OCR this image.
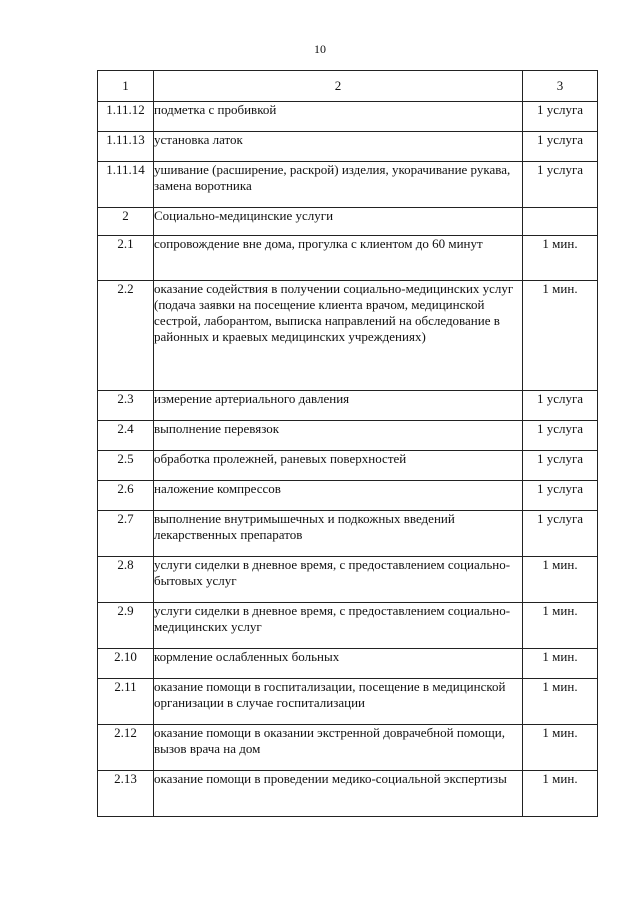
10
1	2	3
1.11.12	подметка с пробивкой	1 услуга
1.11.13	установка латок	1 услуга
1.11.14	ушивание (расширение, раскрой) изделия, укорачивание рукава, замена воротника	1 услуга
2	Социально-медицинские услуги	
2.1	сопровождение вне дома, прогулка с клиентом до 60 минут	1 мин.
2.2	оказание содействия в получении социально-медицинских услуг (подача заявки на посещение клиента врачом, медицинской сестрой, лаборантом, выписка направлений на обследование в районных и краевых медицинских учреждениях)	1 мин.
2.3	измерение артериального давления	1 услуга
2.4	выполнение перевязок	1 услуга
2.5	обработка пролежней, раневых поверхностей	1 услуга
2.6	наложение компрессов	1 услуга
2.7	выполнение внутримышечных и подкожных введений лекарственных препаратов	1 услуга
2.8	услуги сиделки в дневное время, с предоставлением социально-бытовых услуг	1 мин.
2.9	услуги сиделки в дневное время, с предоставлением социально-медицинских услуг	1 мин.
2.10	кормление ослабленных больных	1 мин.
2.11	оказание помощи в госпитализации, посещение в медицинской организации в случае госпитализации	1 мин.
2.12	оказание помощи в оказании экстренной доврачебной помощи, вызов врача на дом	1 мин.
2.13	оказание помощи в проведении медико-социальной экспертизы	1 мин.
